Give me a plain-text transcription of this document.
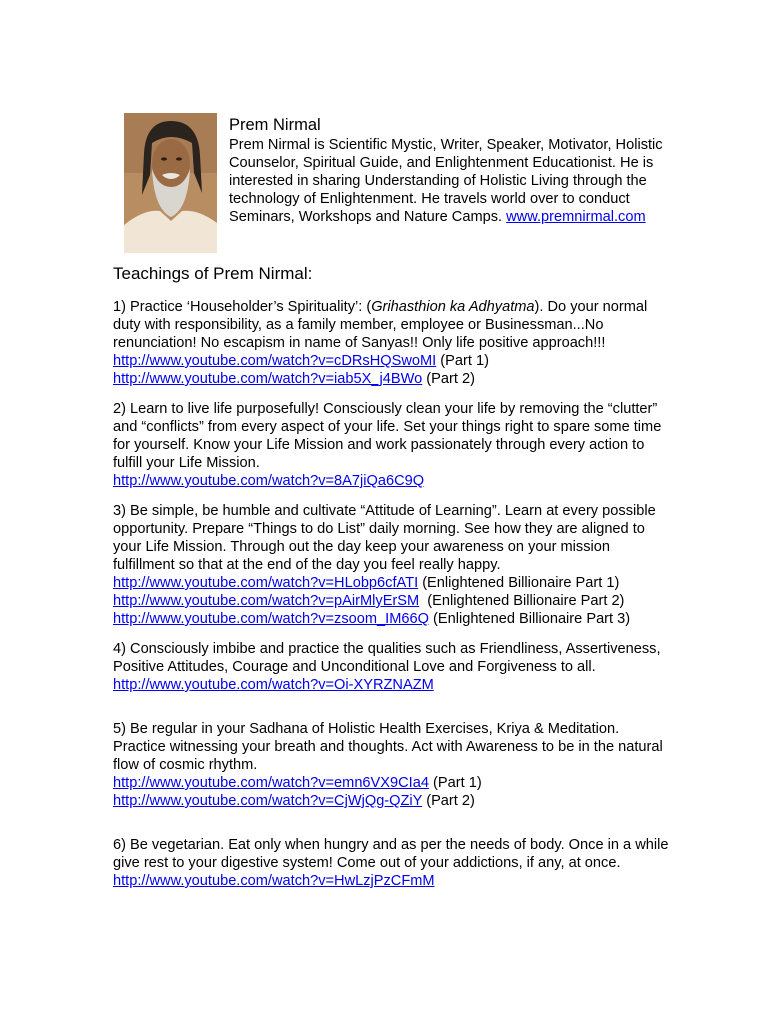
Prem Nirmal
Prem Nirmal is Scientific Mystic, Writer, Speaker, Motivator, Holistic Counselor, Spiritual Guide, and Enlightenment Educationist. He is interested in sharing Understanding of Holistic Living through the technology of Enlightenment. He travels world over to conduct Seminars, Workshops and Nature Camps. www.premnirmal.com
Teachings of Prem Nirmal:
1) Practice ‘Householder’s Spirituality’: (Grihasthion ka Adhyatma). Do your normal duty with responsibility, as a family member, employee or Businessman...No renunciation! No escapism in name of Sanyas!! Only life positive approach!!!
http://www.youtube.com/watch?v=cDRsHQSwoMI (Part 1)
http://www.youtube.com/watch?v=iab5X_j4BWo (Part 2)
2) Learn to live life purposefully! Consciously clean your life by removing the “clutter” and “conflicts” from every aspect of your life. Set your things right to spare some time for yourself. Know your Life Mission and work passionately through every action to fulfill your Life Mission.
http://www.youtube.com/watch?v=8A7jiQa6C9Q
3) Be simple, be humble and cultivate “Attitude of Learning”. Learn at every possible opportunity. Prepare “Things to do List” daily morning. See how they are aligned to your Life Mission. Through out the day keep your awareness on your mission fulfillment so that at the end of the day you feel really happy.
http://www.youtube.com/watch?v=HLobp6cfATI (Enlightened Billionaire Part 1)
http://www.youtube.com/watch?v=pAirMlyErSM  (Enlightened Billionaire Part 2)
http://www.youtube.com/watch?v=zsoom_IM66Q (Enlightened Billionaire Part 3)
4) Consciously imbibe and practice the qualities such as Friendliness, Assertiveness, Positive Attitudes, Courage and Unconditional Love and Forgiveness to all.
http://www.youtube.com/watch?v=Oi-XYRZNAZM
5) Be regular in your Sadhana of Holistic Health Exercises, Kriya & Meditation. Practice witnessing your breath and thoughts. Act with Awareness to be in the natural flow of cosmic rhythm.
http://www.youtube.com/watch?v=emn6VX9CIa4 (Part 1)
http://www.youtube.com/watch?v=CjWjQg-QZiY (Part 2)
6) Be vegetarian. Eat only when hungry and as per the needs of body. Once in a while give rest to your digestive system! Come out of your addictions, if any, at once.
http://www.youtube.com/watch?v=HwLzjPzCFmM
